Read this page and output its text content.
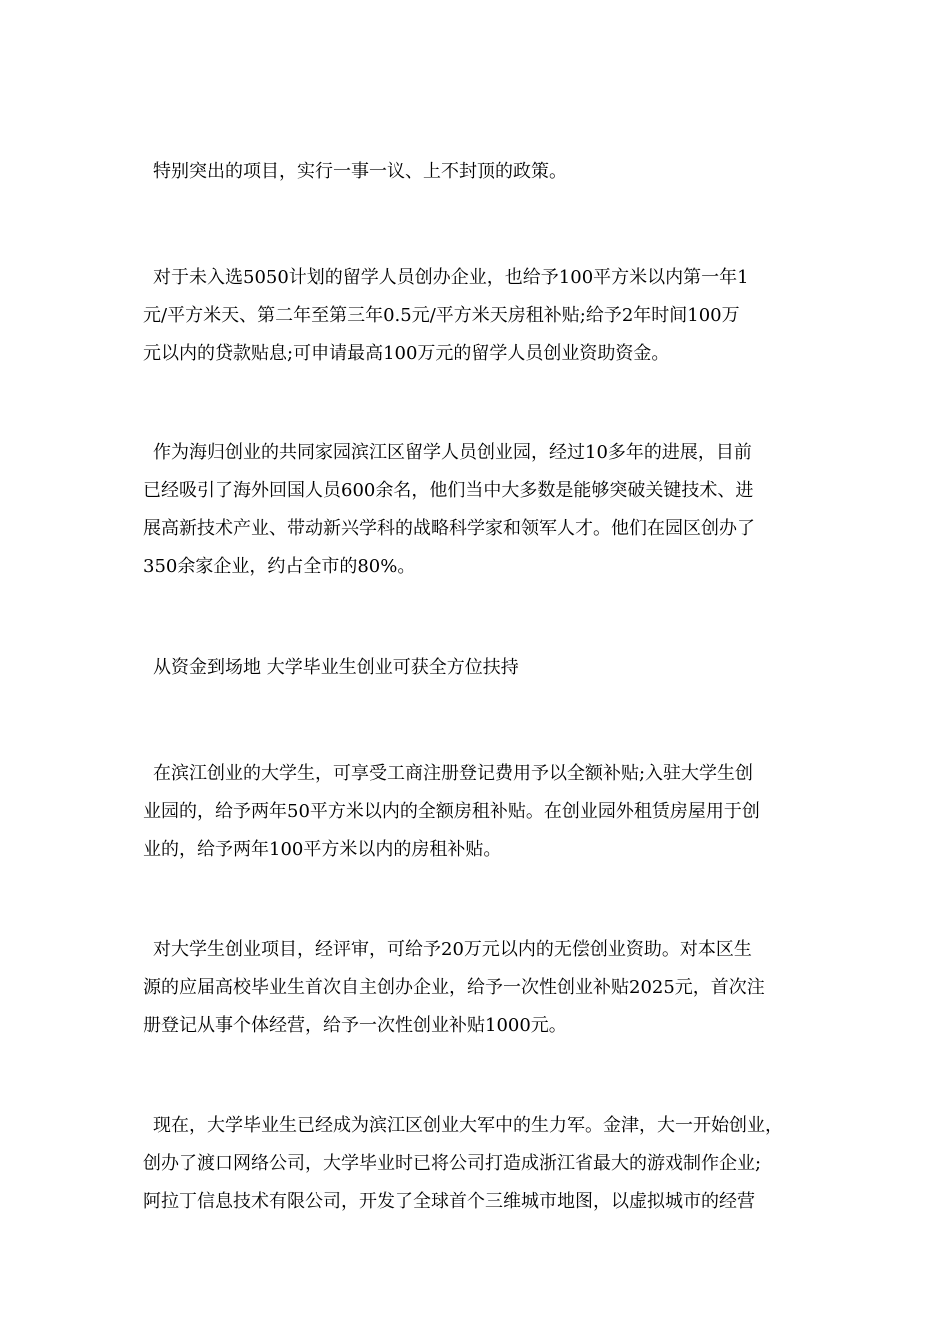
特别突出的项目，实行一事一议、上不封顶的政策。

对于未入选5050计划的留学人员创办企业，也给予100平方米以内第一年1
元/平方米天、第二年至第三年0.5元/平方米天房租补贴;给予2年时间100万
元以内的贷款贴息;可申请最高100万元的留学人员创业资助资金。

作为海归创业的共同家园滨江区留学人员创业园，经过10多年的进展，目前
已经吸引了海外回国人员600余名，他们当中大多数是能够突破关键技术、进
展高新技术产业、带动新兴学科的战略科学家和领军人才。他们在园区创办了
350余家企业，约占全市的80%。

从资金到场地 大学毕业生创业可获全方位扶持

在滨江创业的大学生，可享受工商注册登记费用予以全额补贴;入驻大学生创
业园的，给予两年50平方米以内的全额房租补贴。在创业园外租赁房屋用于创
业的，给予两年100平方米以内的房租补贴。

对大学生创业项目，经评审，可给予20万元以内的无偿创业资助。对本区生
源的应届高校毕业生首次自主创办企业，给予一次性创业补贴2025元，首次注
册登记从事个体经营，给予一次性创业补贴1000元。

现在，大学毕业生已经成为滨江区创业大军中的生力军。金津，大一开始创业，
创办了渡口网络公司，大学毕业时已将公司打造成浙江省最大的游戏制作企业;
阿拉丁信息技术有限公司，开发了全球首个三维城市地图，以虚拟城市的经营
